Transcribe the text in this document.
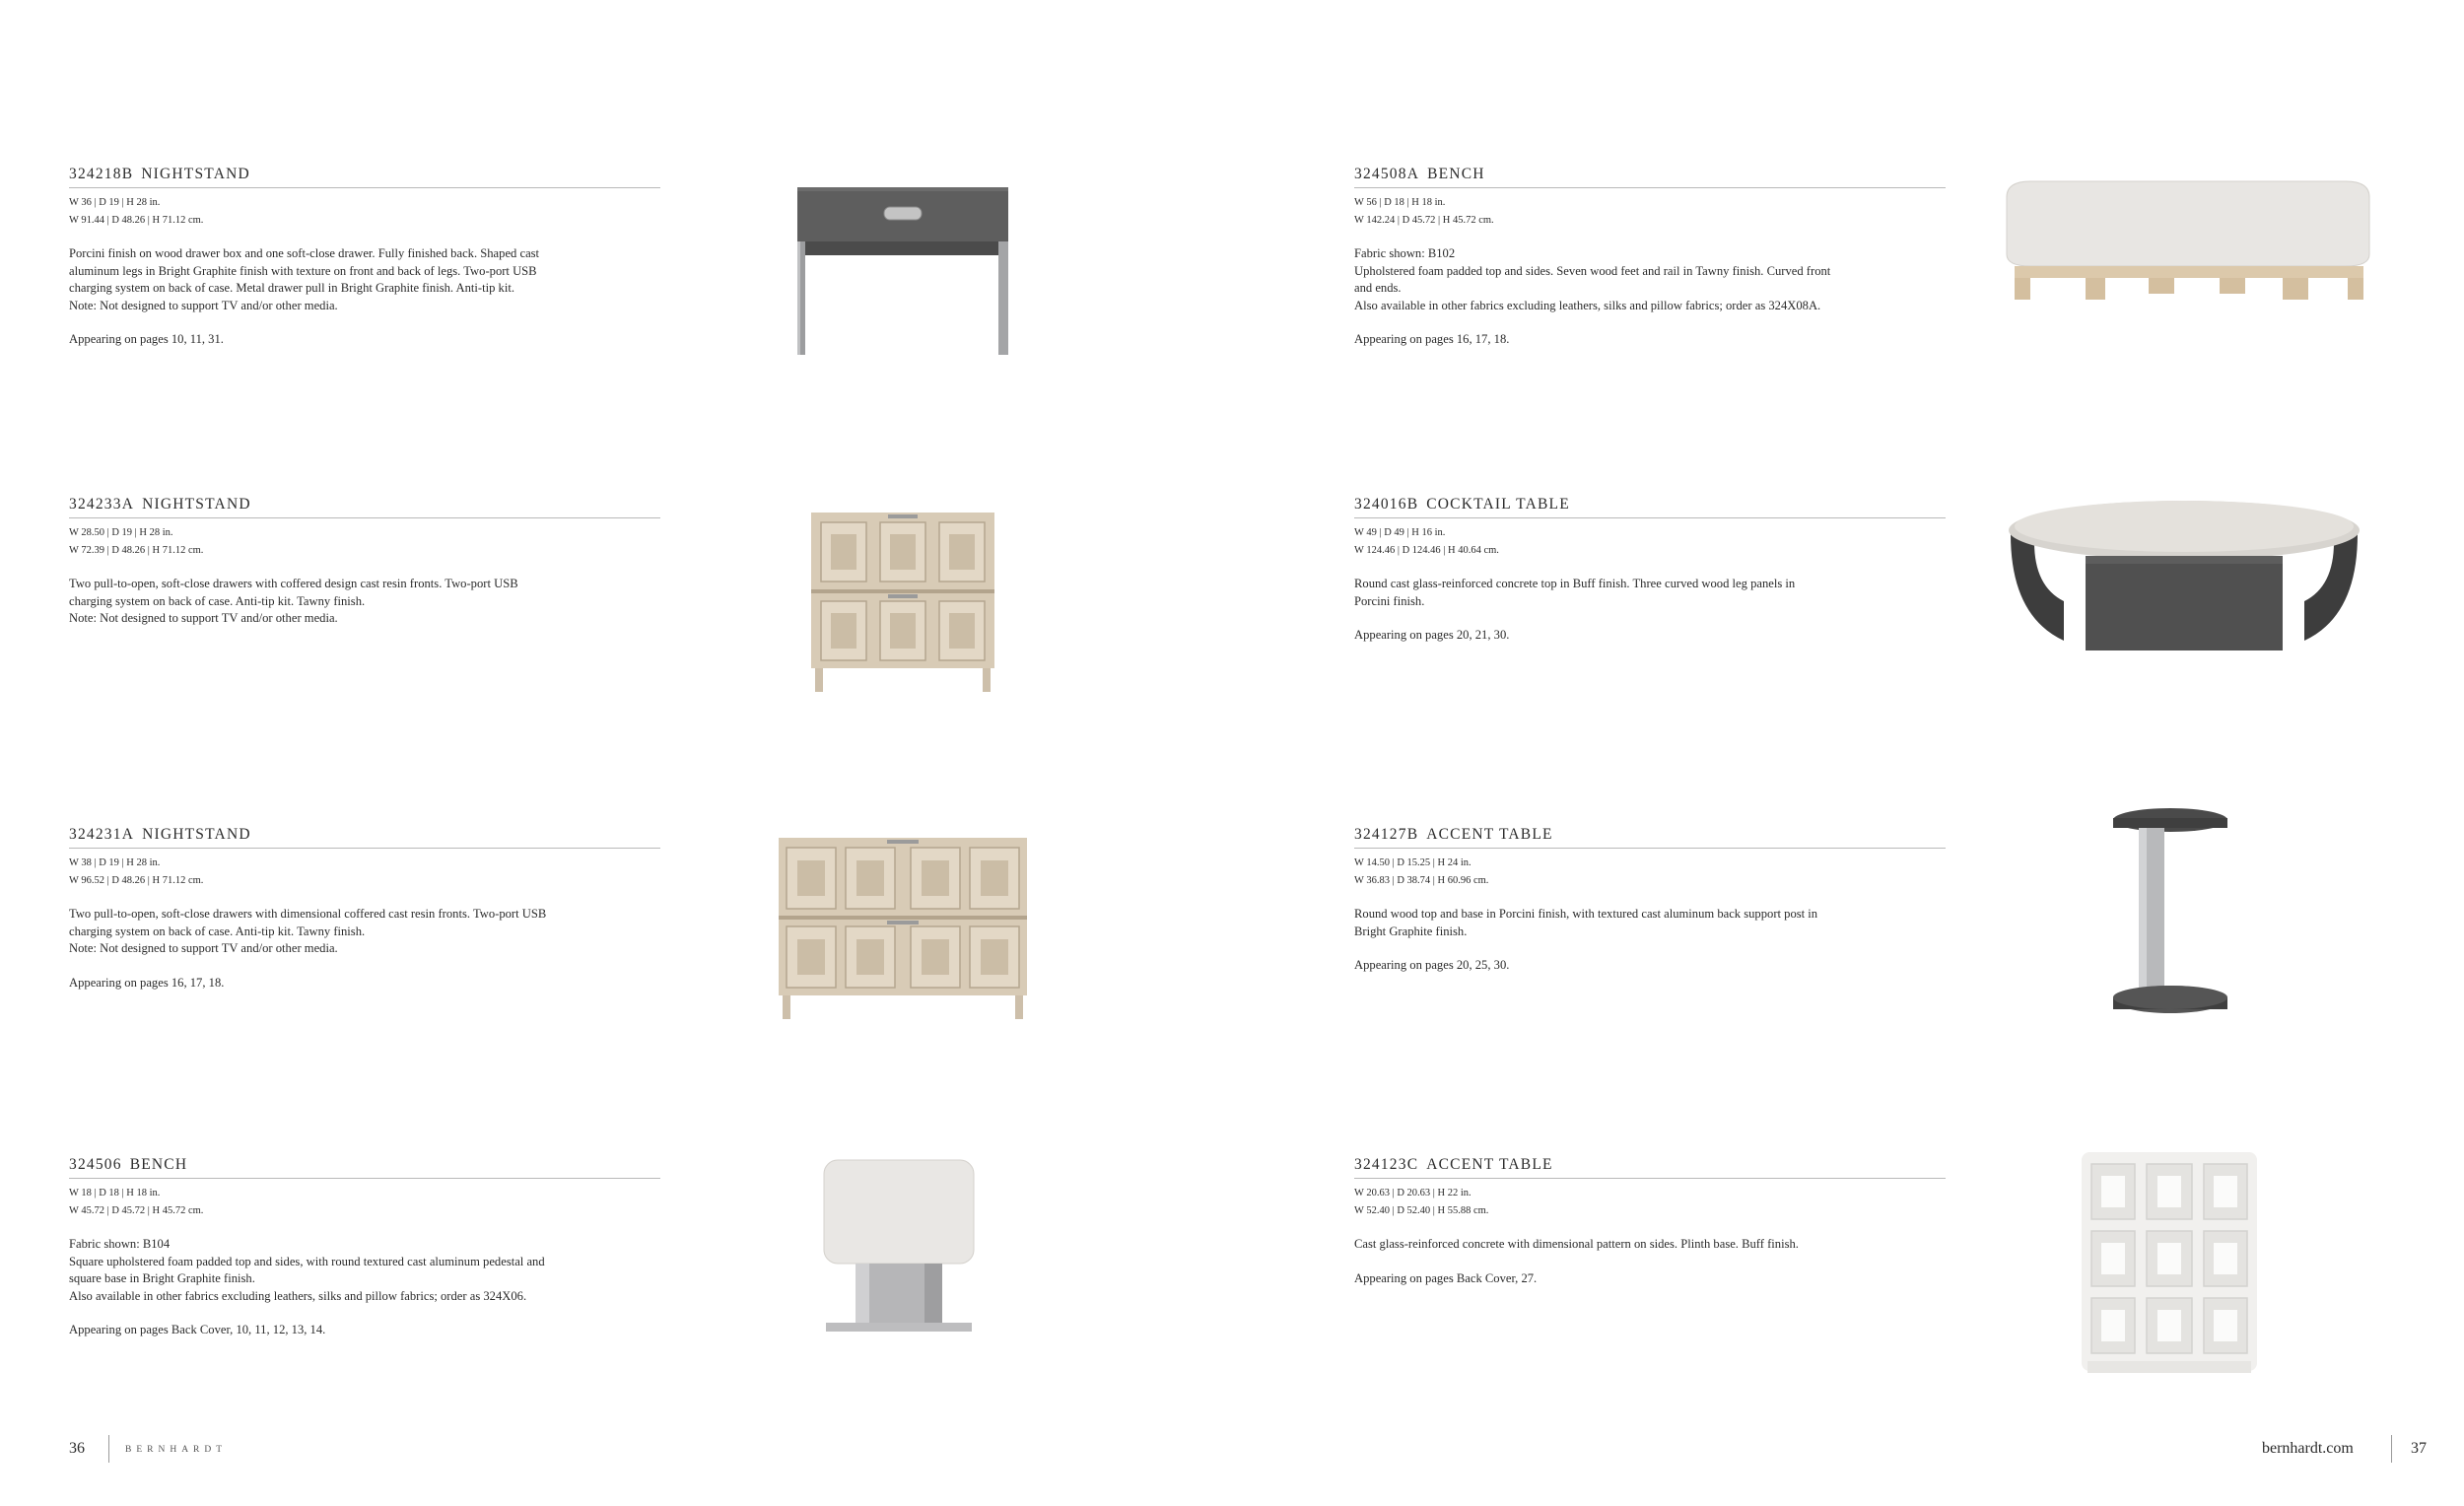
324218B NIGHTSTAND
W 36 | D 19 | H 28 in.
W 91.44 | D 48.26 | H 71.12 cm.
Porcini finish on wood drawer box and one soft-close drawer. Fully finished back. Shaped cast
aluminum legs in Bright Graphite finish with texture on front and back of legs. Two-port USB
charging system on back of case. Metal drawer pull in Bright Graphite finish. Anti-tip kit.
Note: Not designed to support TV and/or other media.
Appearing on pages 10, 11, 31.
324233A NIGHTSTAND
W 28.50 | D 19 | H 28 in.
W 72.39 | D 48.26 | H 71.12 cm.
Two pull-to-open, soft-close drawers with coffered design cast resin fronts. Two-port USB
charging system on back of case. Anti-tip kit. Tawny finish.
Note: Not designed to support TV and/or other media.
324231A NIGHTSTAND
W 38 | D 19 | H 28 in.
W 96.52 | D 48.26 | H 71.12 cm.
Two pull-to-open, soft-close drawers with dimensional coffered cast resin fronts. Two-port USB
charging system on back of case. Anti-tip kit. Tawny finish.
Note: Not designed to support TV and/or other media.
Appearing on pages 16, 17, 18.
324506 BENCH
W 18 | D 18 | H 18 in.
W 45.72 | D 45.72 | H 45.72 cm.
Fabric shown: B104
Square upholstered foam padded top and sides, with round textured cast aluminum pedestal and
square base in Bright Graphite finish.
Also available in other fabrics excluding leathers, silks and pillow fabrics; order as 324X06.
Appearing on pages Back Cover, 10, 11, 12, 13, 14.
324508A BENCH
W 56 | D 18 | H 18 in.
W 142.24 | D 45.72 | H 45.72 cm.
Fabric shown: B102
Upholstered foam padded top and sides. Seven wood feet and rail in Tawny finish. Curved front
and ends.
Also available in other fabrics excluding leathers, silks and pillow fabrics; order as 324X08A.
Appearing on pages 16, 17, 18.
324016B COCKTAIL TABLE
W 49 | D 49 | H 16 in.
W 124.46 | D 124.46 | H 40.64 cm.
Round cast glass-reinforced concrete top in Buff finish. Three curved wood leg panels in
Porcini finish.
Appearing on pages 20, 21, 30.
324127B ACCENT TABLE
W 14.50 | D 15.25 | H 24 in.
W 36.83 | D 38.74 | H 60.96 cm.
Round wood top and base in Porcini finish, with textured cast aluminum back support post in
Bright Graphite finish.
Appearing on pages 20, 25, 30.
324123C ACCENT TABLE
W 20.63 | D 20.63 | H 22 in.
W 52.40 | D 52.40 | H 55.88 cm.
Cast glass-reinforced concrete with dimensional pattern on sides. Plinth base. Buff finish.
Appearing on pages Back Cover, 27.
36	BERNHARDT	bernhardt.com	37
